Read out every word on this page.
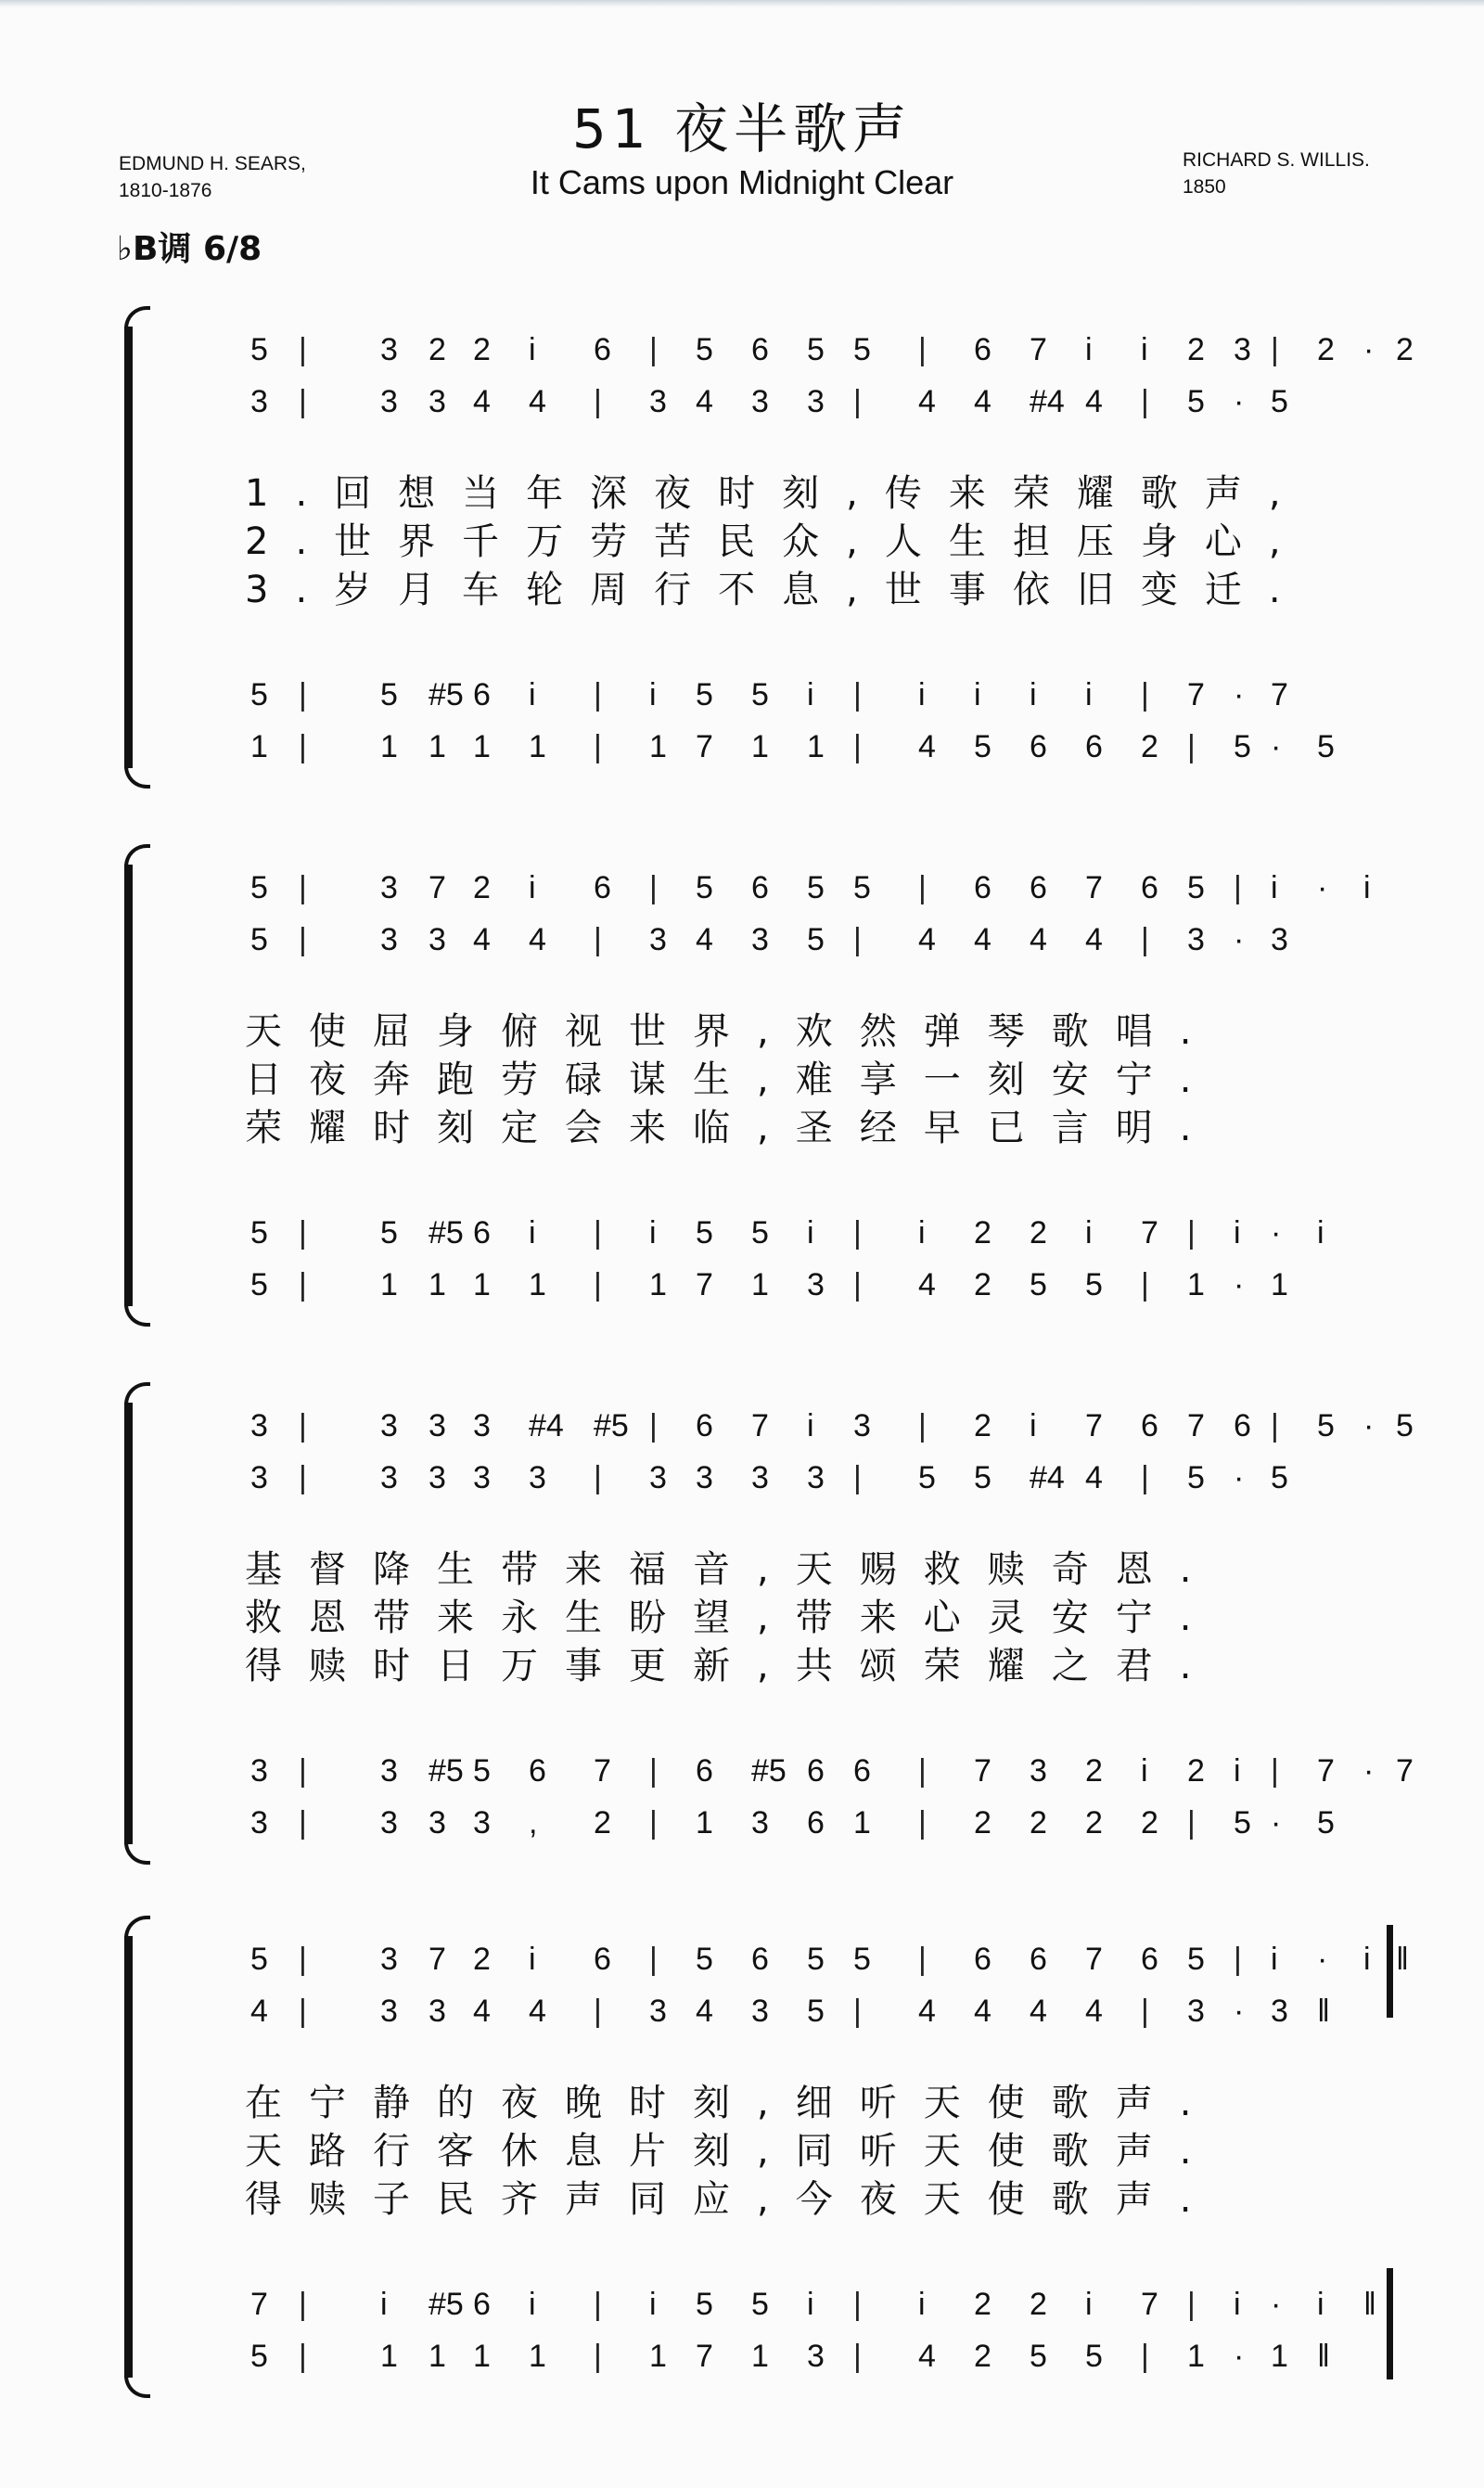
51 夜半歌声
It Cams upon Midnight Clear
EDMUND H. SEARS,
1810-1876
RICHARD S. WILLIS.
1850
♭B调 6/8
5 | 3 2 2 i 6 | 5 6 5 5 | 6 7 i i 2 3 | 2 · 2
3 | 3 3 4 4 | 3 4 3 3 | 4 4 #4 4 | 5 · 5
5 | 5 #5 6 i | i 5 5 i | i i i i | 7 · 7
1 | 1 1 1 1 | 1 7 1 1 | 4 5 6 6 2 | 5 · 5
1.回想当年深夜时刻,传来荣耀歌声,
2.世界千万劳苦民众,人生担压身心,
3.岁月车轮周行不息,世事依旧变迁.
5 | 3 7 2 i 6 | 5 6 5 5 | 6 6 7 6 5 | i · i
5 | 3 3 4 4 | 3 4 3 5 | 4 4 4 4 | 3 · 3
5 | 5 #5 6 i | i 5 5 i | i 2 2 i 7 | i · i
5 | 1 1 1 1 | 1 7 1 3 | 4 2 5 5 | 1 · 1
天使屈身俯视世界,欢然弹琴歌唱.
日夜奔跑劳碌谋生,难享一刻安宁.
荣耀时刻定会来临,圣经早已言明.
3 | 3 3 3 #4 #5 | 6 7 i 3 | 2 i 7 6 7 6 | 5 · 5
3 | 3 3 3 3 | 3 3 3 3 | 5 5 #4 4 | 5 · 5
3 | 3 #5 5 6 7 | 6 #5 6 6 | 7 3 2 i 2 i | 7 · 7
3 | 3 3 3 , 2 | 1 3 6 1 | 2 2 2 2 | 5 · 5
基督降生带来福音,天赐救赎奇恩.
救恩带来永生盼望,带来心灵安宁.
得赎时日万事更新,共颂荣耀之君.
5 | 3 7 2 i 6 | 5 6 5 5 | 6 6 7 6 5 | i · i ‖
4 | 3 3 4 4 | 3 4 3 5 | 4 4 4 4 | 3 · 3 ‖
7 | i #5 6 i | i 5 5 i | i 2 2 i 7 | i · i ‖
5 | 1 1 1 1 | 1 7 1 3 | 4 2 5 5 | 1 · 1 ‖
在宁静的夜晚时刻,细听天使歌声.
天路行客休息片刻,同听天使歌声.
得赎子民齐声同应,今夜天使歌声.
